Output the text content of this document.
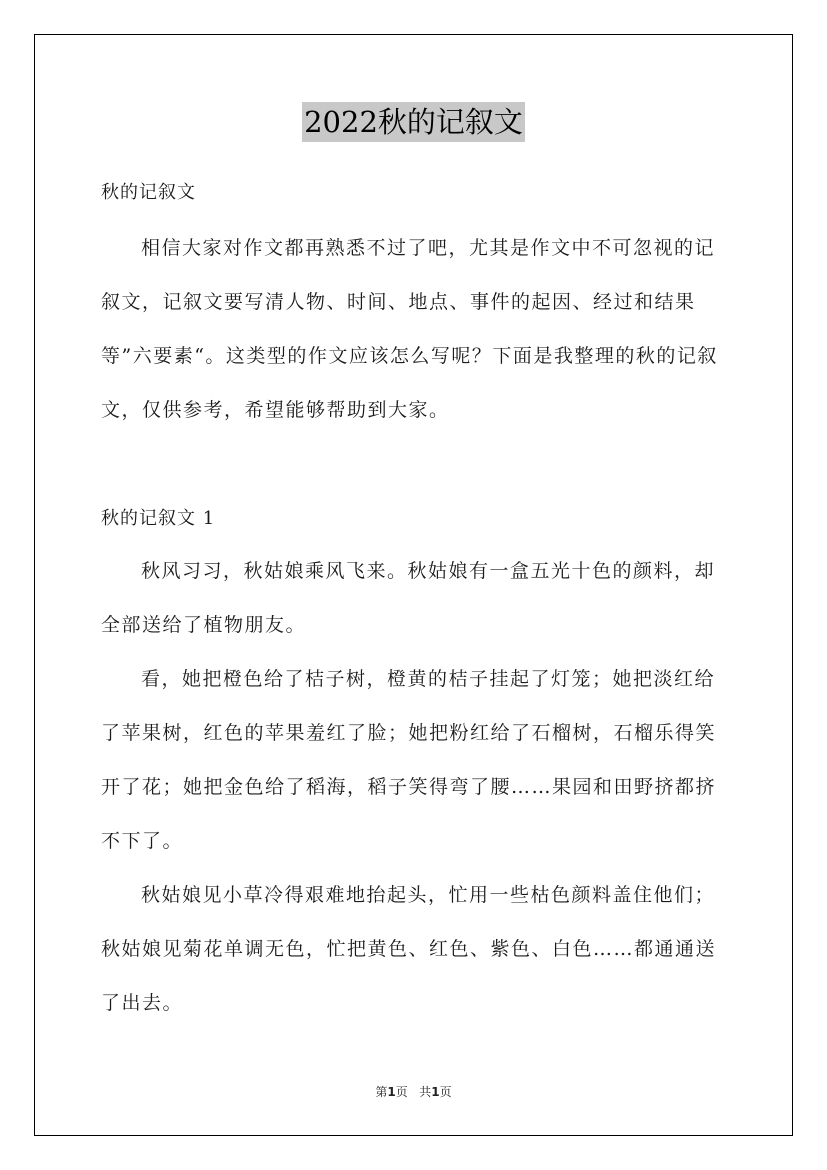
2022秋的记叙文

秋的记叙文

相信大家对作文都再熟悉不过了吧，尤其是作文中不可忽视的记叙文，记叙文要写清人物、时间、地点、事件的起因、经过和结果等”六要素“。这类型的作文应该怎么写呢？下面是我整理的秋的记叙文，仅供参考，希望能够帮助到大家。

秋的记叙文 1

秋风习习，秋姑娘乘风飞来。秋姑娘有一盒五光十色的颜料，却全部送给了植物朋友。

看，她把橙色给了桔子树，橙黄的桔子挂起了灯笼；她把淡红给了苹果树，红色的苹果羞红了脸；她把粉红给了石榴树，石榴乐得笑开了花；她把金色给了稻海，稻子笑得弯了腰……果园和田野挤都挤不下了。

秋姑娘见小草冷得艰难地抬起头，忙用一些枯色颜料盖住他们；秋姑娘见菊花单调无色，忙把黄色、红色、紫色、白色……都通通送了出去。

第1页 共1页
